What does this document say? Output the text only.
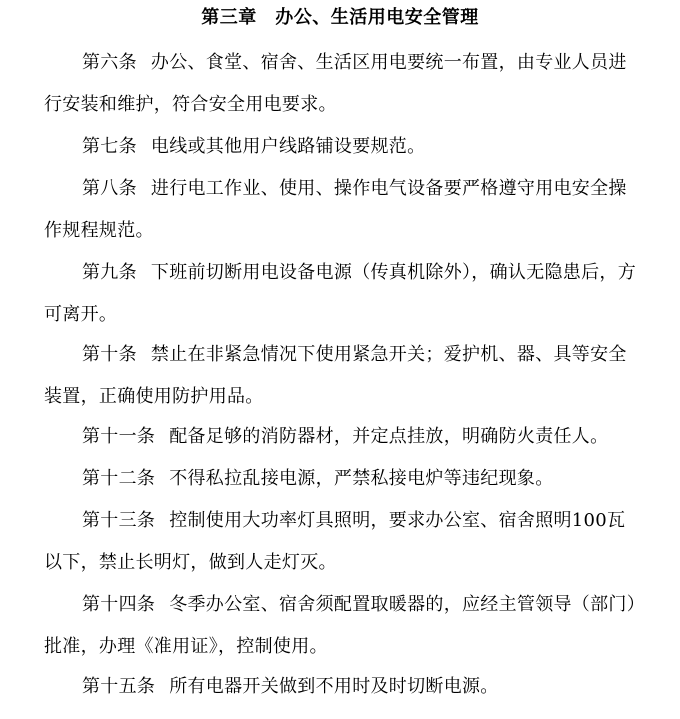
第三章　办公、生活用电安全管理

第六条 办公、食堂、宿舍、生活区用电要统一布置，由专业人员进行安装和维护，符合安全用电要求。

第七条 电线或其他用户线路铺设要规范。

第八条 进行电工作业、使用、操作电气设备要严格遵守用电安全操作规程规范。

第九条 下班前切断用电设备电源（传真机除外），确认无隐患后，方可离开。

第十条 禁止在非紧急情况下使用紧急开关；爱护机、器、具等安全装置，正确使用防护用品。

第十一条 配备足够的消防器材，并定点挂放，明确防火责任人。

第十二条 不得私拉乱接电源，严禁私接电炉等违纪现象。

第十三条 控制使用大功率灯具照明，要求办公室、宿舍照明100瓦以下，禁止长明灯，做到人走灯灭。

第十四条 冬季办公室、宿舍须配置取暖器的，应经主管领导（部门）批准，办理《准用证》，控制使用。

第十五条 所有电器开关做到不用时及时切断电源。
